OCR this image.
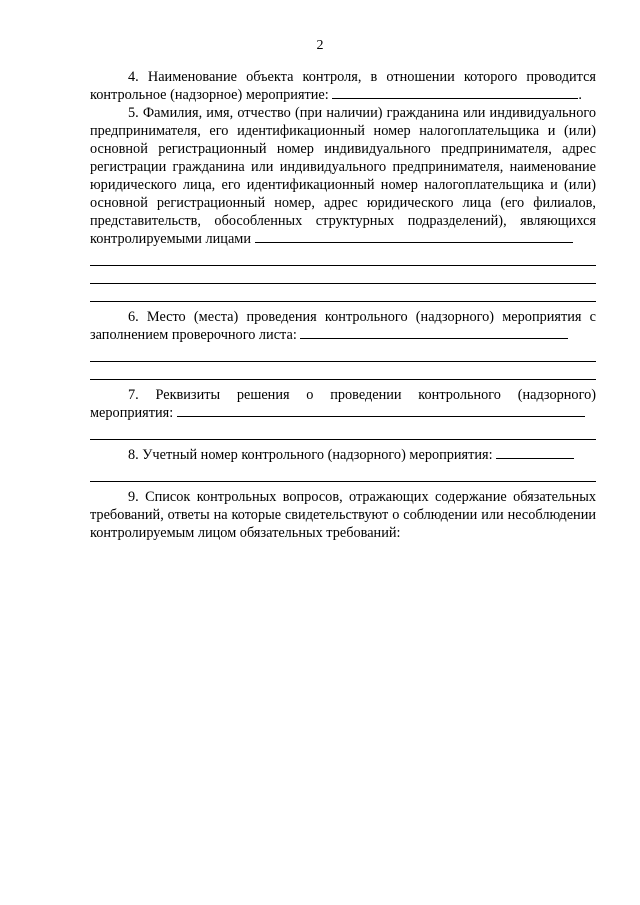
2

4. Наименование объекта контроля, в отношении которого проводится контрольное (надзорное) мероприятие:	.

5. Фамилия, имя, отчество (при наличии) гражданина или индивидуального предпринимателя, его идентификационный номер налогоплательщика и (или) основной регистрационный номер индивидуального предпринимателя, адрес регистрации гражданина или индивидуального предпринимателя, наименование юридического лица, его идентификационный номер налогоплательщика и (или) основной регистрационный номер, адрес юридического лица (его филиалов, представительств, обособленных структурных подразделений), являющихся контролируемыми лицами

6. Место (места) проведения контрольного (надзорного) мероприятия с заполнением проверочного листа:

7. Реквизиты решения о проведении контрольного (надзорного) мероприятия:

8. Учетный номер контрольного (надзорного) мероприятия:

9. Список контрольных вопросов, отражающих содержание обязательных требований, ответы на которые свидетельствуют о соблюдении или несоблюдении контролируемым лицом обязательных требований:
